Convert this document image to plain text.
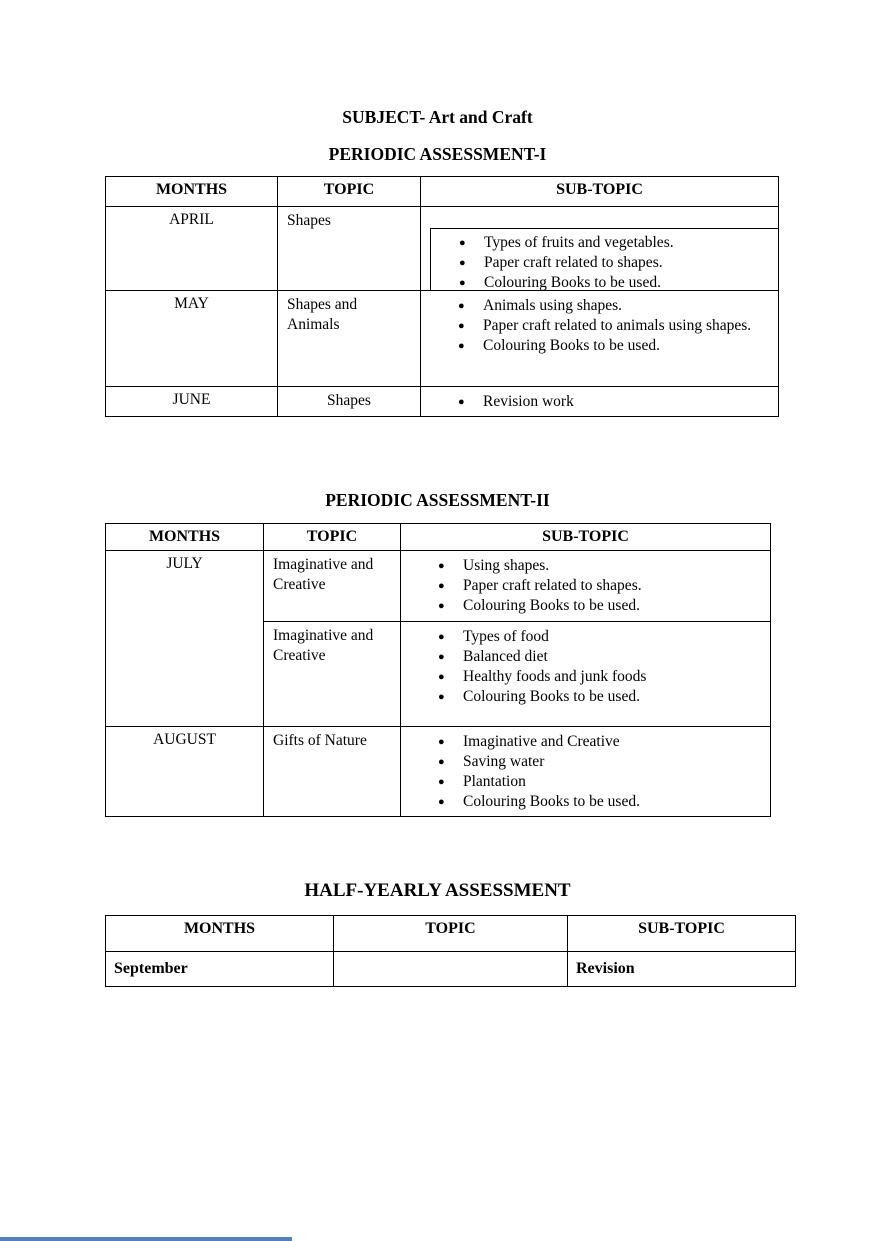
SUBJECT- Art and Craft
PERIODIC ASSESSMENT-I
MONTHS	TOPIC	SUB-TOPIC
APRIL	Shapes	● Types of fruits and vegetables.
● Paper craft related to shapes.
● Colouring Books to be used.

MAY	Shapes and Animals	● Animals using shapes.
● Paper craft related to animals using shapes.
● Colouring Books to be used.

JUNE	Shapes	● Revision work
PERIODIC ASSESSMENT-II
MONTHS	TOPIC	SUB-TOPIC
JULY	Imaginative and Creative	● Using shapes.
● Paper craft related to shapes.
● Colouring Books to be used.

	Imaginative and Creative	● Types of food
● Balanced diet
● Healthy foods and junk foods
● Colouring Books to be used.

AUGUST	Gifts of Nature	● Imaginative and Creative
● Saving water
● Plantation
● Colouring Books to be used.
HALF-YEARLY ASSESSMENT
MONTHS	TOPIC	SUB-TOPIC
September		Revision
